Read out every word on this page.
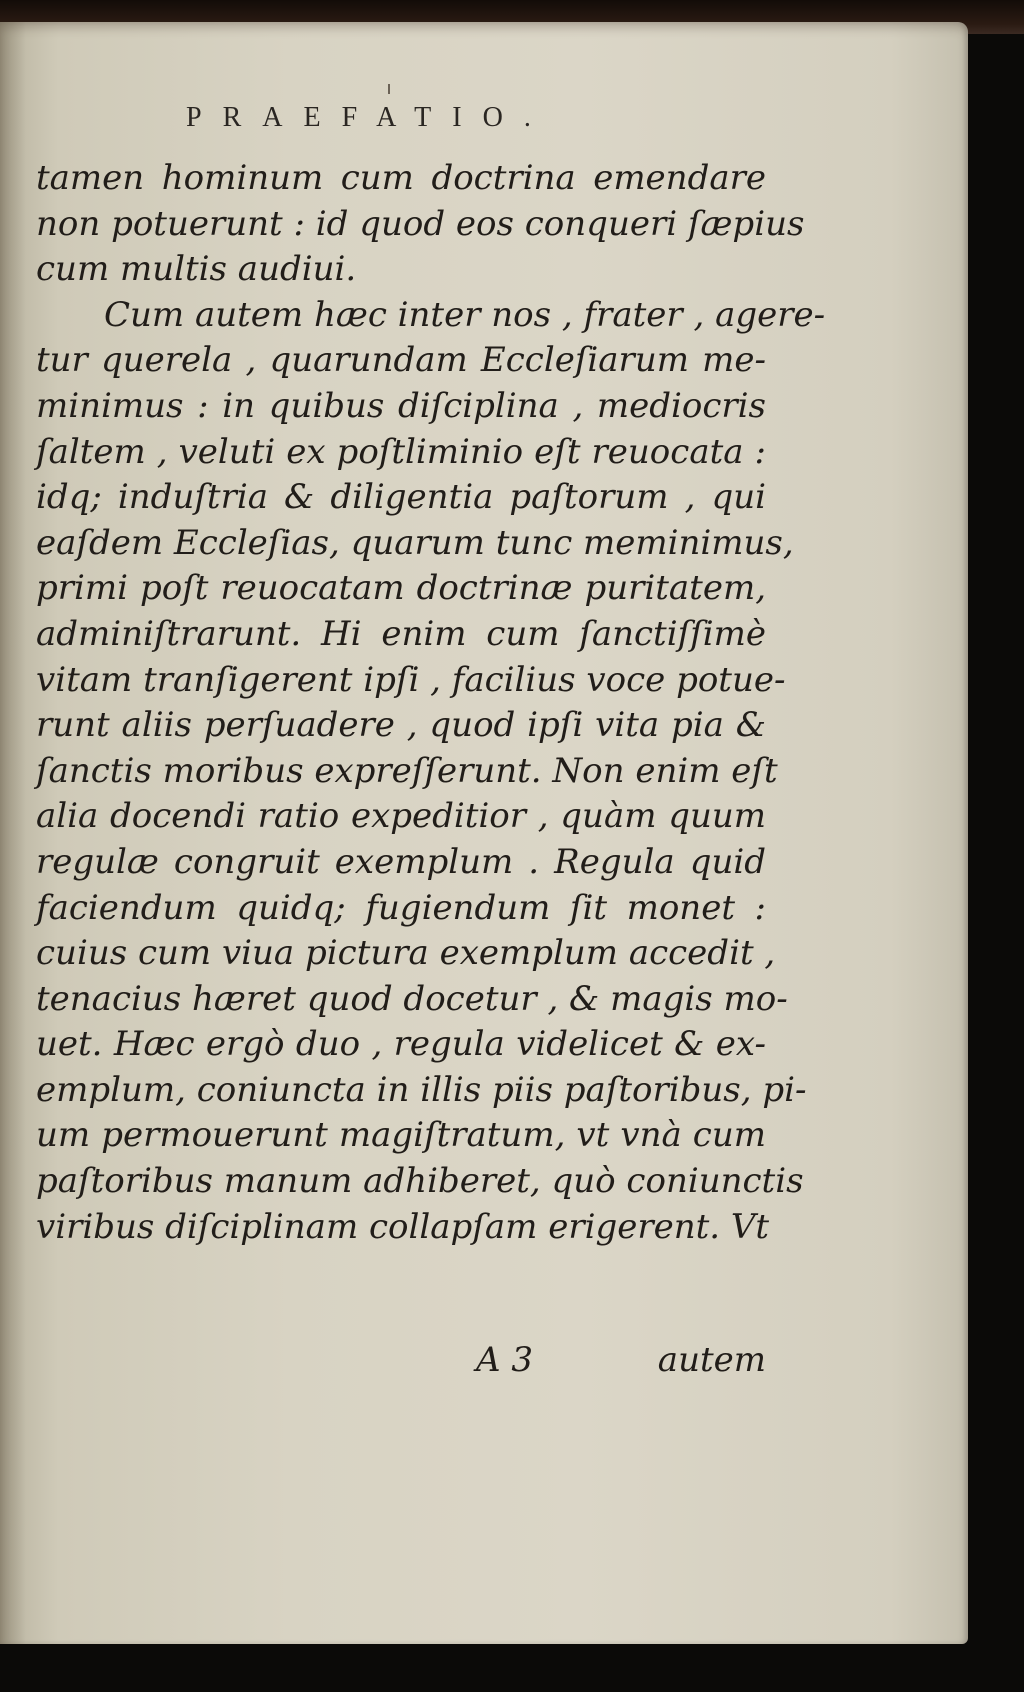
PRAEFATIO.
tamen hominum cum doctrina emendare
non potuerunt : id quod eos conqueri ſæpius
cum multis audiui.
Cum autem hæc inter nos , frater , agere-
tur querela , quarundam Eccleſiarum me-
minimus : in quibus diſciplina , mediocris
ſaltem , veluti ex poſtliminio eſt reuocata :
idq; induſtria & diligentia paſtorum , qui
eaſdem Eccleſias, quarum tunc meminimus,
primi poſt reuocatam doctrinæ puritatem,
adminiſtrarunt. Hi enim cum ſanctiſſimè
vitam tranſigerent ipſi , facilius voce potue-
runt aliis perſuadere , quod ipſi vita pia &
ſanctis moribus expreſſerunt. Non enim eſt
alia docendi ratio expeditior , quàm quum
regulæ congruit exemplum . Regula quid
faciendum quidq; fugiendum ſit monet :
cuius cum viua pictura exemplum accedit ,
tenacius hæret quod docetur , & magis mo-
uet. Hæc ergò duo , regula videlicet & ex-
emplum, coniuncta in illis piis paſtoribus, pi-
um permouerunt magiſtratum, vt vnà cum
paſtoribus manum adhiberet, quò coniunctis
viribus diſciplinam collapſam erigerent. Vt
A 3	autem
